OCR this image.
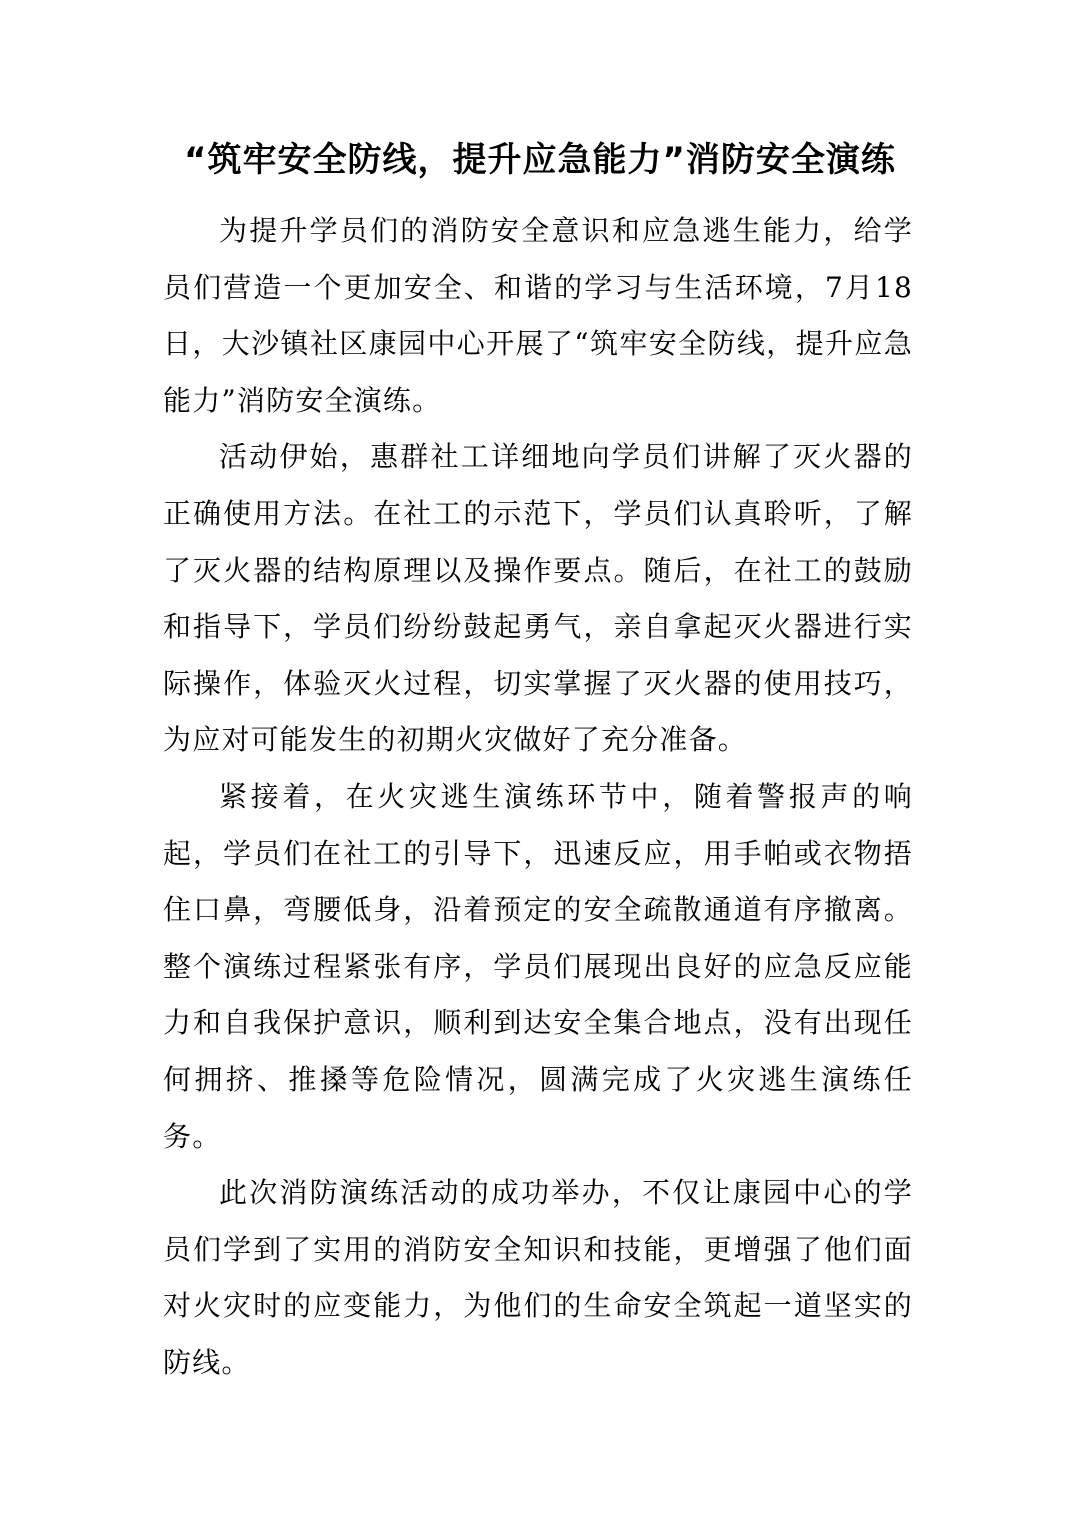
“筑牢安全防线，提升应急能力”消防安全演练

为提升学员们的消防安全意识和应急逃生能力，给学员们营造一个更加安全、和谐的学习与生活环境，7月18日，大沙镇社区康园中心开展了“筑牢安全防线，提升应急能力”消防安全演练。

活动伊始，惠群社工详细地向学员们讲解了灭火器的正确使用方法。在社工的示范下，学员们认真聆听，了解了灭火器的结构原理以及操作要点。随后，在社工的鼓励和指导下，学员们纷纷鼓起勇气，亲自拿起灭火器进行实际操作，体验灭火过程，切实掌握了灭火器的使用技巧，为应对可能发生的初期火灾做好了充分准备。

紧接着，在火灾逃生演练环节中，随着警报声的响起，学员们在社工的引导下，迅速反应，用手帕或衣物捂住口鼻，弯腰低身，沿着预定的安全疏散通道有序撤离。整个演练过程紧张有序，学员们展现出良好的应急反应能力和自我保护意识，顺利到达安全集合地点，没有出现任何拥挤、推搡等危险情况，圆满完成了火灾逃生演练任务。

此次消防演练活动的成功举办，不仅让康园中心的学员们学到了实用的消防安全知识和技能，更增强了他们面对火灾时的应变能力，为他们的生命安全筑起一道坚实的防线。
